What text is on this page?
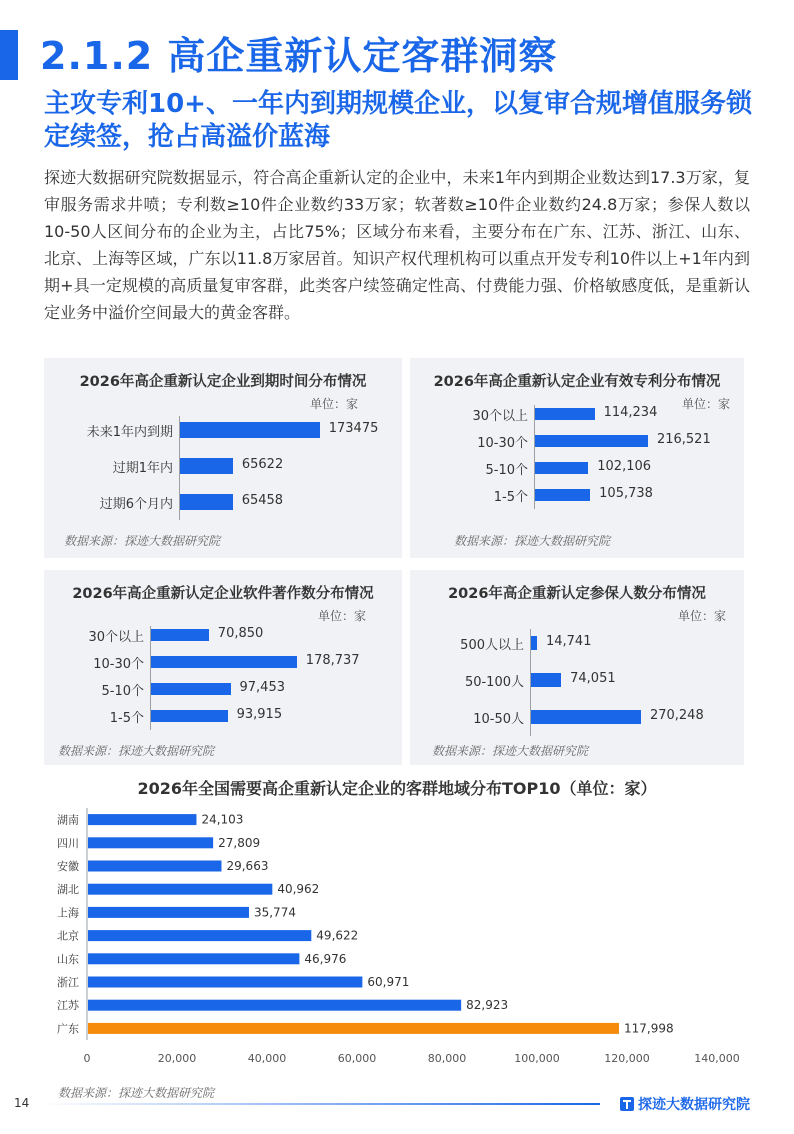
2.1.2 高企重新认定客群洞察
主攻专利10+、一年内到期规模企业，以复审合规增值服务锁定续签，抢占高溢价蓝海

探迹大数据研究院数据显示，符合高企重新认定的企业中，未来1年内到期企业数达到17.3万家，复审服务需求井喷；专利数≥10件企业数约33万家；软著数≥10件企业数约24.8万家；参保人数以10-50人区间分布的企业为主，占比75%；区域分布来看，主要分布在广东、江苏、浙江、山东、北京、上海等区域，广东以11.8万家居首。知识产权代理机构可以重点开发专利10件以上+1年内到期+具一定规模的高质量复审客群，此类客户续签确定性高、付费能力强、价格敏感度低，是重新认定业务中溢价空间最大的黄金客群。

2026年高企重新认定企业到期时间分布情况
单位：家
数据来源：探迹大数据研究院
未来1年内到期	173475
过期1年内	65622
过期6个月内	65458
2026年高企重新认定企业有效专利分布情况
单位：家
数据来源：探迹大数据研究院
30个以上	114,234
10-30个	216,521
5-10个	102,106
1-5个	105,738
2026年高企重新认定企业软件著作数分布情况
单位：家
数据来源：探迹大数据研究院
30个以上	70,850
10-30个	178,737
5-10个	97,453
1-5个	93,915
2026年高企重新认定参保人数分布情况
单位：家
数据来源：探迹大数据研究院
500人以上 14,741
50-100人	74,051
10-50人	270,248
2026年全国需要高企重新认定企业的客群地域分布TOP10（单位：家）
湖南	24,103
四川	27,809
安徽	29,663
湖北	40,962
上海	35,774
北京	49,622
山东	46,976
浙江	60,971
江苏	82,923
广东	117,998
0	20,000	40,000	60,000	80,000	100,000	120,000	140,000
数据来源：探迹大数据研究院
14	探迹大数据研究院
